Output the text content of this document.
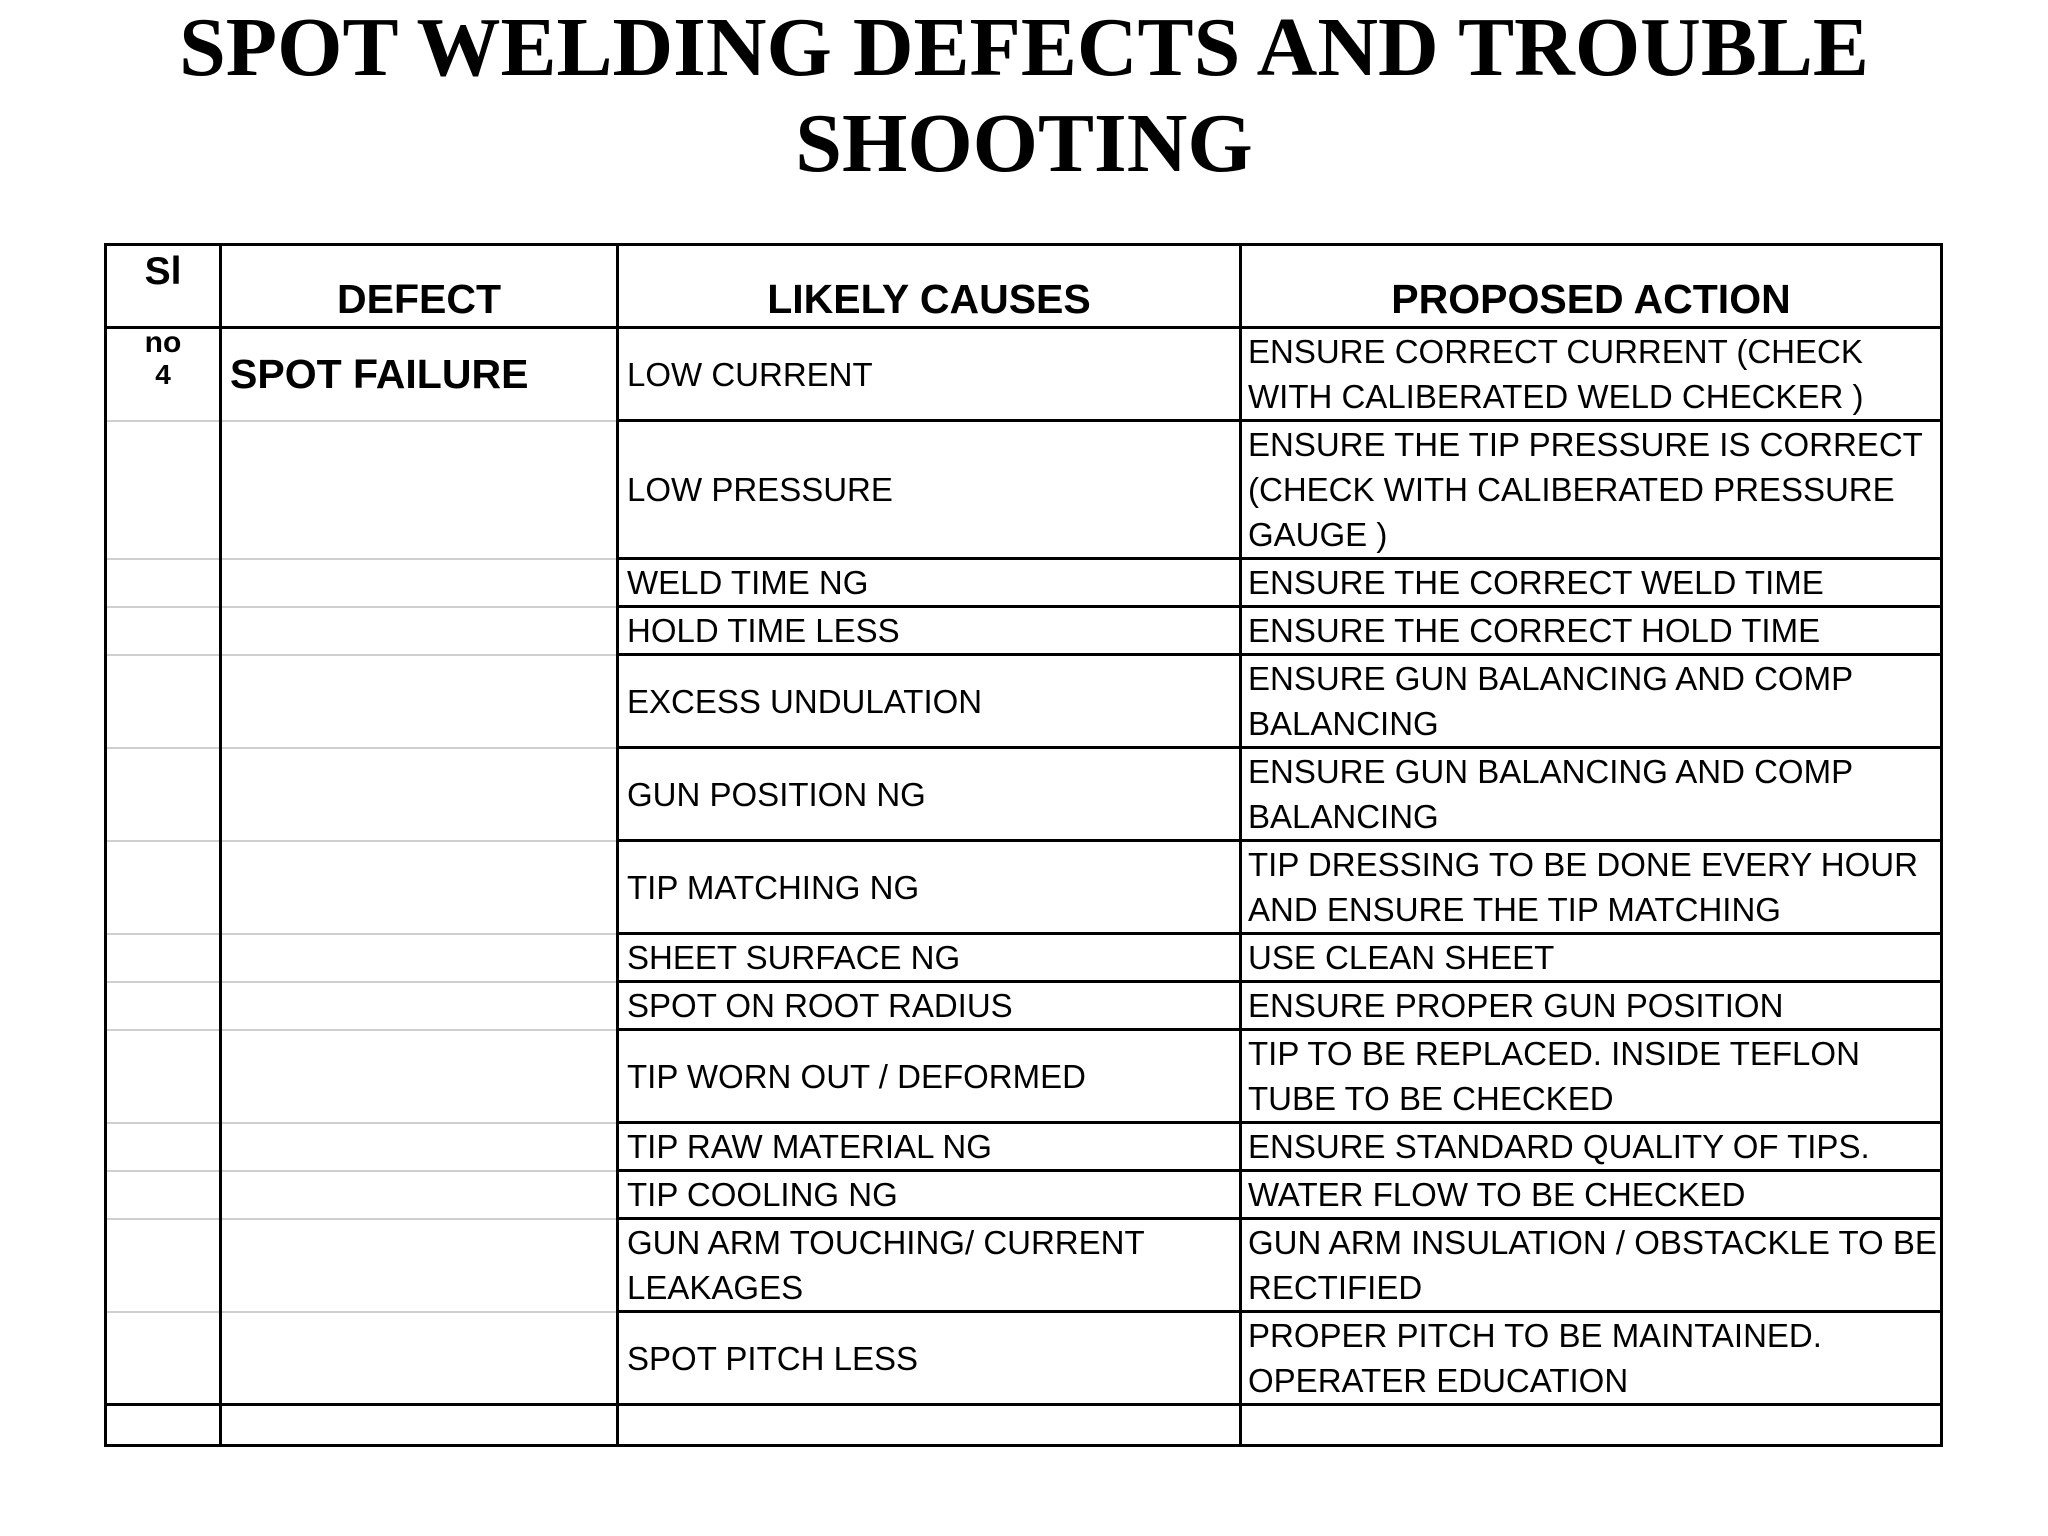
SPOT WELDING DEFECTS AND TROUBLE
SHOOTING
Sl
no	DEFECT	LIKELY CAUSES	PROPOSED ACTION
4	SPOT FAILURE	LOW CURRENT	ENSURE CORRECT CURRENT (CHECK WITH CALIBERATED WELD CHECKER )
		LOW PRESSURE	ENSURE THE TIP PRESSURE IS CORRECT (CHECK WITH CALIBERATED PRESSURE GAUGE )
		WELD TIME NG	ENSURE THE CORRECT WELD TIME
		HOLD TIME LESS	ENSURE THE CORRECT HOLD TIME
		EXCESS UNDULATION	ENSURE GUN BALANCING AND COMP BALANCING
		GUN POSITION NG	ENSURE GUN BALANCING AND COMP BALANCING
		TIP MATCHING NG	TIP DRESSING TO BE DONE EVERY HOUR AND ENSURE THE TIP MATCHING
		SHEET SURFACE NG	USE CLEAN SHEET
		SPOT ON ROOT RADIUS	ENSURE PROPER GUN POSITION
		TIP WORN OUT / DEFORMED	TIP TO BE REPLACED. INSIDE TEFLON TUBE TO BE CHECKED
		TIP RAW MATERIAL NG	ENSURE STANDARD QUALITY OF TIPS.
		TIP COOLING NG	WATER FLOW TO BE CHECKED
		GUN ARM TOUCHING/ CURRENT LEAKAGES	GUN ARM INSULATION / OBSTACKLE TO BE RECTIFIED
		SPOT PITCH LESS	PROPER PITCH TO BE MAINTAINED. OPERATER EDUCATION
